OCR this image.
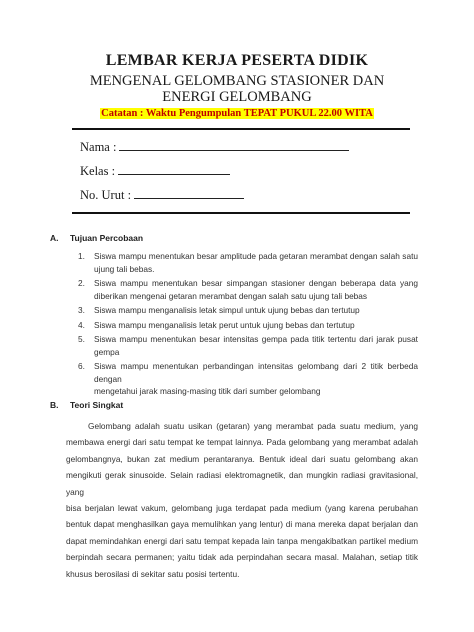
LEMBAR KERJA PESERTA DIDIK
MENGENAL GELOMBANG STASIONER DAN
ENERGI GELOMBANG
Catatan : Waktu Pengumpulan TEPAT PUKUL 22.00 WITA
Nama :
Kelas :
No. Urut :
A. Tujuan Percobaan
1. Siswa mampu menentukan besar amplitude pada getaran merambat dengan salah satu
ujung tali bebas.
2. Siswa mampu menentukan besar simpangan stasioner dengan beberapa data yang
diberikan mengenai getaran merambat dengan salah satu ujung tali bebas
3. Siswa mampu menganalisis letak simpul untuk ujung bebas dan tertutup
4. Siswa mampu menganalisis letak perut untuk ujung bebas dan tertutup
5. Siswa mampu menentukan besar intensitas gempa pada titik tertentu dari jarak pusat gempa
6. Siswa mampu menentukan perbandingan intensitas gelombang dari 2 titik berbeda dengan
mengetahui jarak masing-masing titik dari sumber gelombang
B. Teori Singkat
Gelombang adalah suatu usikan (getaran) yang merambat pada suatu medium, yang
membawa energi dari satu tempat ke tempat lainnya. Pada gelombang yang merambat adalah
gelombangnya, bukan zat medium perantaranya. Bentuk ideal dari suatu gelombang akan
mengikuti gerak sinusoide. Selain radiasi elektromagnetik, dan mungkin radiasi gravitasional, yang
bisa berjalan lewat vakum, gelombang juga terdapat pada medium (yang karena perubahan
bentuk dapat menghasilkan gaya memulihkan yang lentur) di mana mereka dapat berjalan dan
dapat memindahkan energi dari satu tempat kepada lain tanpa mengakibatkan partikel medium
berpindah secara permanen; yaitu tidak ada perpindahan secara masal. Malahan, setiap titik
khusus berosilasi di sekitar satu posisi tertentu.
